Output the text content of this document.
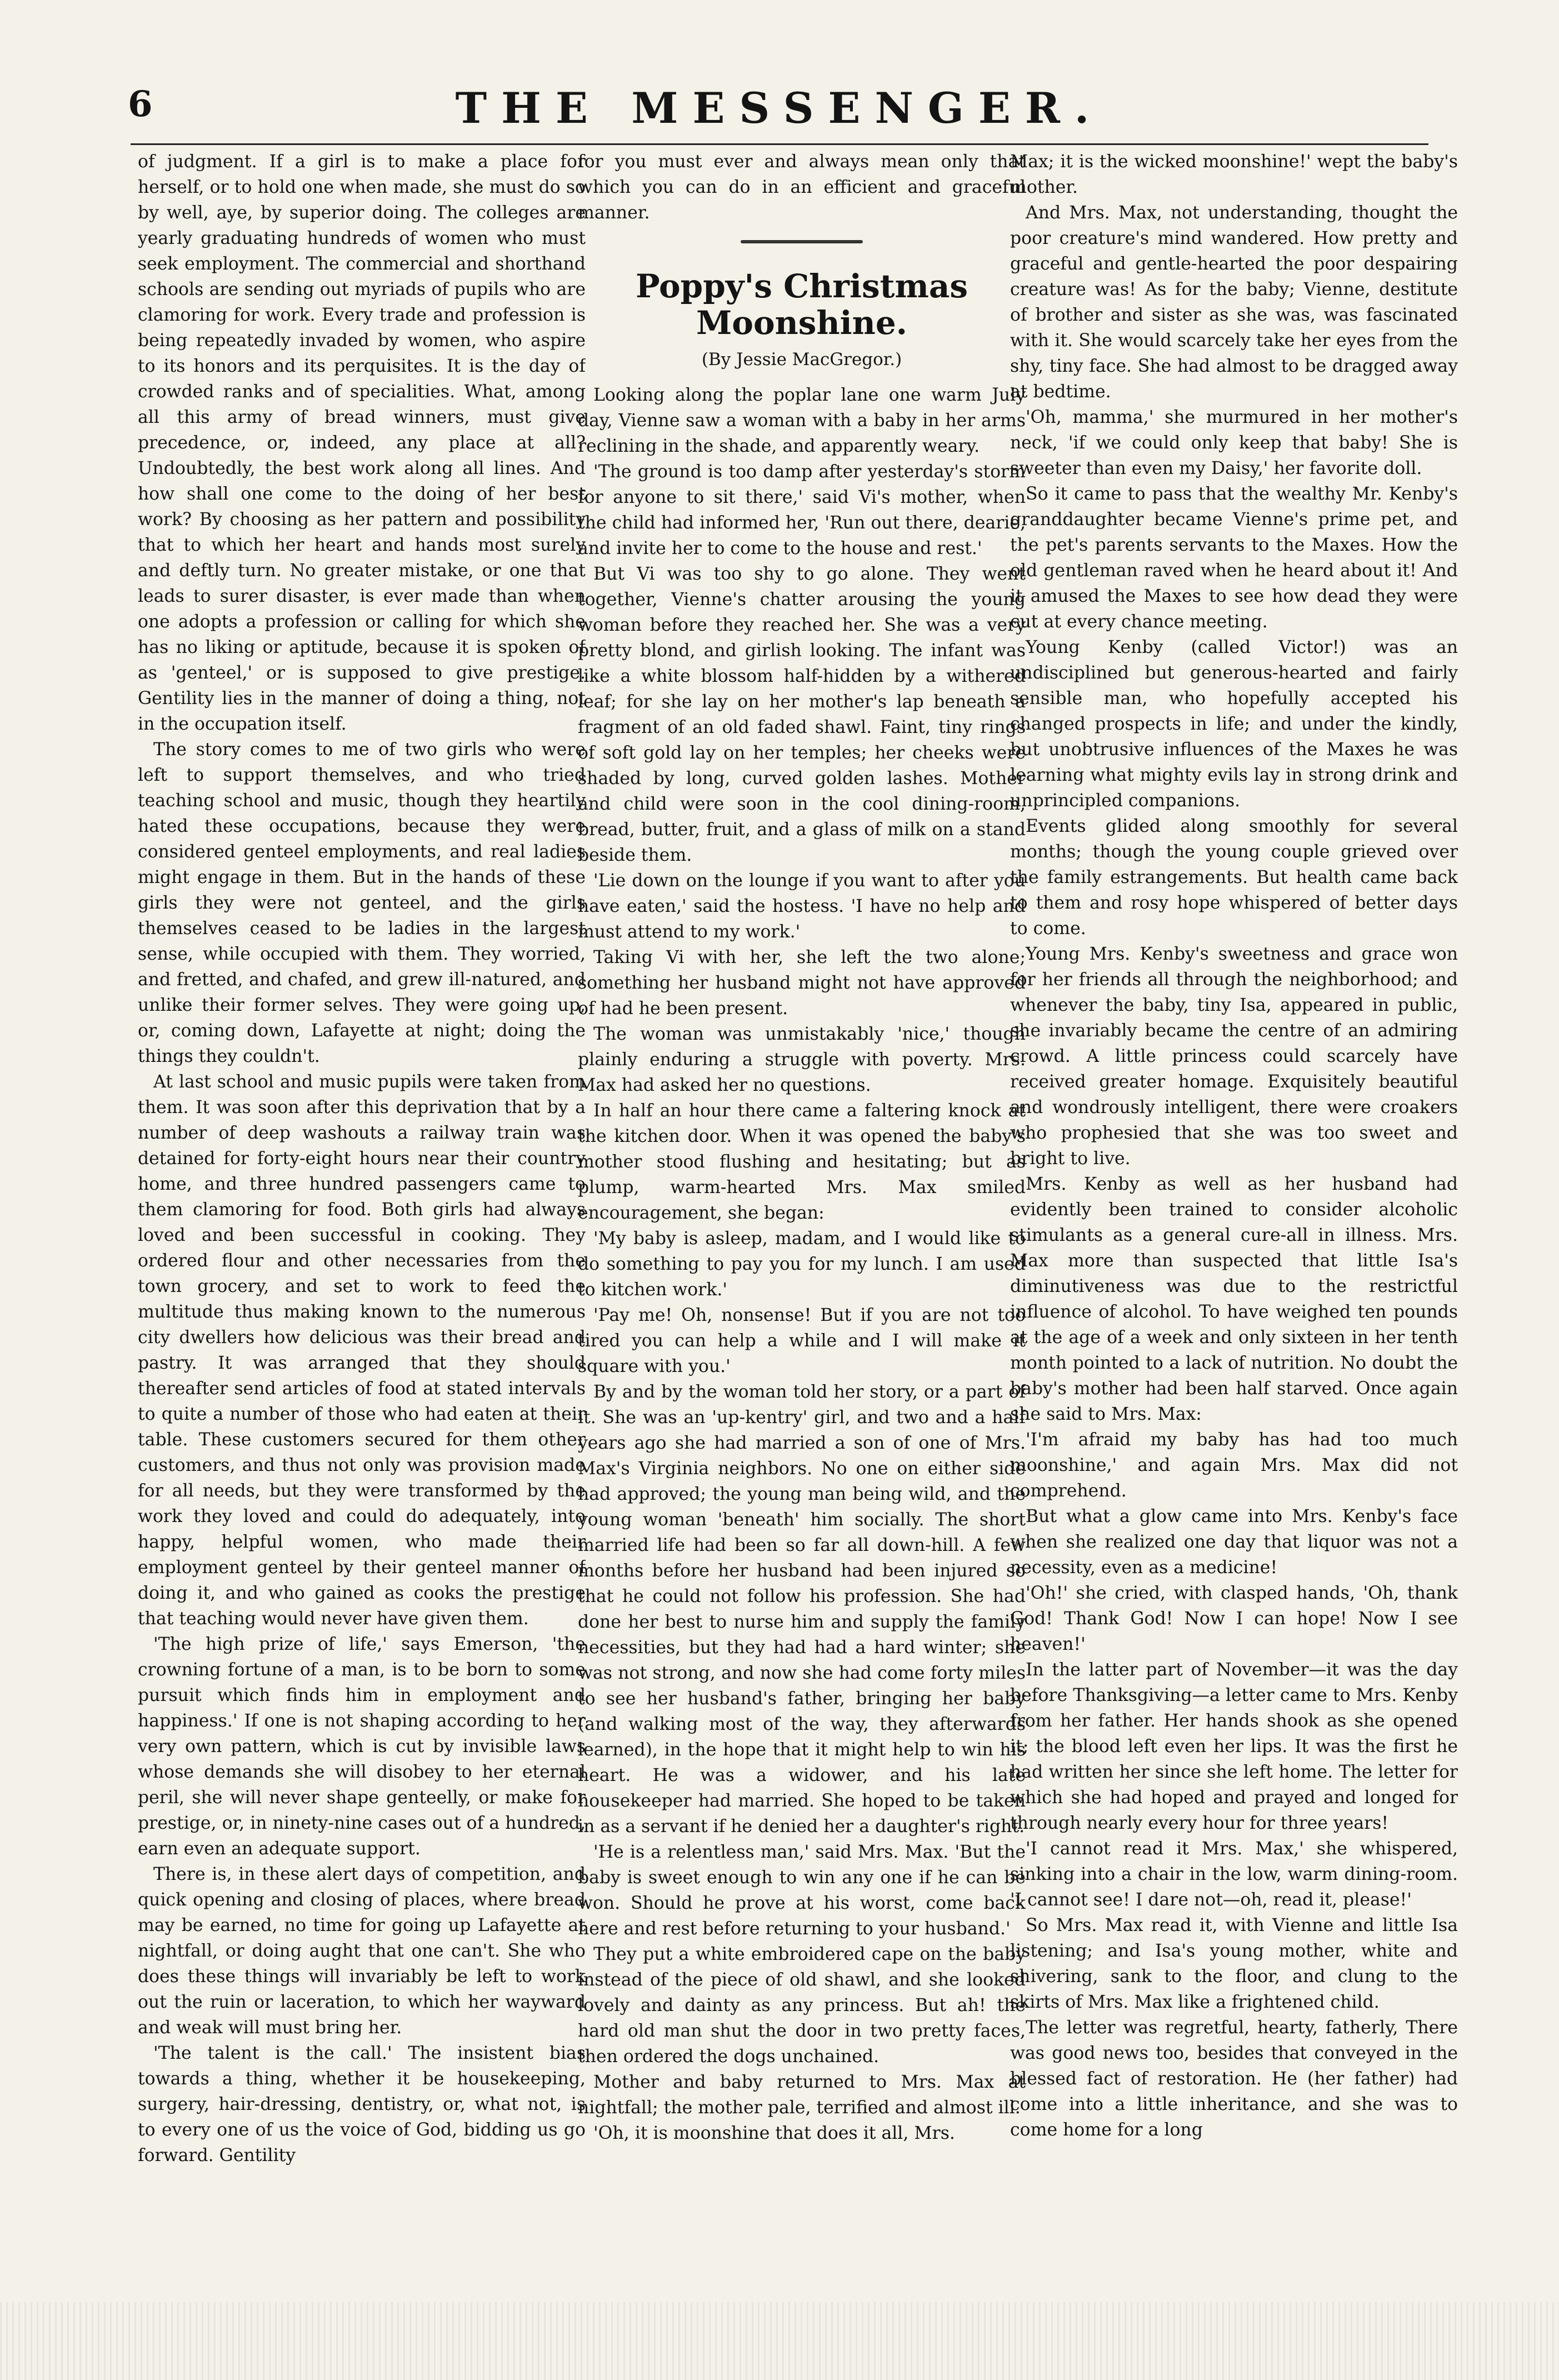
6	THE MESSENGER.

of judgment. If a girl is to make a place for herself, or to hold one when made, she must do so by well, aye, by superior doing. The colleges are yearly graduating hundreds of women who must seek employment. The commercial and shorthand schools are sending out myriads of pupils who are clamoring for work. Every trade and profession is being repeatedly invaded by women, who aspire to its honors and its perquisites. It is the day of crowded ranks and of specialities. What, among all this army of bread winners, must give precedence, or, indeed, any place at all? Undoubtedly, the best work along all lines. And how shall one come to the doing of her best work? By choosing as her pattern and possibility that to which her heart and hands most surely and deftly turn. No greater mistake, or one that leads to surer disaster, is ever made than when one adopts a profession or calling for which she has no liking or aptitude, because it is spoken of as 'genteel,' or is supposed to give prestige. Gentility lies in the manner of doing a thing, not in the occupation itself.

The story comes to me of two girls who were left to support themselves, and who tried teaching school and music, though they heartily hated these occupations, because they were considered genteel employments, and real ladies might engage in them. But in the hands of these girls they were not genteel, and the girls themselves ceased to be ladies in the largest sense, while occupied with them. They worried, and fretted, and chafed, and grew ill-natured, and unlike their former selves. They were going up, or, coming down, Lafayette at night; doing the things they couldn't.

At last school and music pupils were taken from them. It was soon after this deprivation that by a number of deep washouts a railway train was detained for forty-eight hours near their country home, and three hundred passengers came to them clamoring for food. Both girls had always loved and been successful in cooking. They ordered flour and other necessaries from the town grocery, and set to work to feed the multitude thus making known to the numerous city dwellers how delicious was their bread and pastry. It was arranged that they should thereafter send articles of food at stated intervals to quite a number of those who had eaten at their table. These customers secured for them other customers, and thus not only was provision made for all needs, but they were transformed by the work they loved and could do adequately, into happy, helpful women, who made their employment genteel by their genteel manner of doing it, and who gained as cooks the prestige that teaching would never have given them.

'The high prize of life,' says Emerson, 'the crowning fortune of a man, is to be born to some pursuit which finds him in employment and happiness.' If one is not shaping according to her very own pattern, which is cut by invisible laws whose demands she will disobey to her eternal peril, she will never shape genteelly, or make for prestige, or, in ninety-nine cases out of a hundred, earn even an adequate support.

There is, in these alert days of competition, and quick opening and closing of places, where bread may be earned, no time for going up Lafayette at nightfall, or doing aught that one can't. She who does these things will invariably be left to work out the ruin or laceration, to which her wayward and weak will must bring her.

'The talent is the call.' The insistent bias towards a thing, whether it be housekeeping, surgery, hair-dressing, dentistry, or, what not, is to every one of us the voice of God, bidding us go forward. Gentility

for you must ever and always mean only that which you can do in an efficient and graceful manner.

Poppy's Christmas Moonshine.
(By Jessie MacGregor.)

Looking along the poplar lane one warm July day, Vienne saw a woman with a baby in her arms reclining in the shade, and apparently weary.

'The ground is too damp after yesterday's storm for anyone to sit there,' said Vi's mother, when the child had informed her, 'Run out there, dearie, and invite her to come to the house and rest.'

But Vi was too shy to go alone. They went together, Vienne's chatter arousing the young woman before they reached her. She was a very pretty blond, and girlish looking. The infant was like a white blossom half-hidden by a withered leaf; for she lay on her mother's lap beneath a fragment of an old faded shawl. Faint, tiny rings of soft gold lay on her temples; her cheeks were shaded by long, curved golden lashes. Mother and child were soon in the cool dining-room, bread, butter, fruit, and a glass of milk on a stand beside them.

'Lie down on the lounge if you want to after you have eaten,' said the hostess. 'I have no help and must attend to my work.'

Taking Vi with her, she left the two alone; something her husband might not have approved of had he been present.

The woman was unmistakably 'nice,' though plainly enduring a struggle with poverty. Mrs. Max had asked her no questions.

In half an hour there came a faltering knock at the kitchen door. When it was opened the baby's mother stood flushing and hesitating; but as plump, warm-hearted Mrs. Max smiled encouragement, she began:

'My baby is asleep, madam, and I would like to do something to pay you for my lunch. I am used to kitchen work.'

'Pay me! Oh, nonsense! But if you are not too tired you can help a while and I will make it square with you.'

By and by the woman told her story, or a part of it. She was an 'up-kentry' girl, and two and a half years ago she had married a son of one of Mrs. Max's Virginia neighbors. No one on either side had approved; the young man being wild, and the young woman 'beneath' him socially. The short married life had been so far all down-hill. A few months before her husband had been injured so that he could not follow his profession. She had done her best to nurse him and supply the family necessities, but they had had a hard winter; she was not strong, and now she had come forty miles to see her husband's father, bringing her baby (and walking most of the way, they afterwards learned), in the hope that it might help to win his heart. He was a widower, and his late housekeeper had married. She hoped to be taken in as a servant if he denied her a daughter's right.

'He is a relentless man,' said Mrs. Max. 'But the baby is sweet enough to win any one if he can be won. Should he prove at his worst, come back here and rest before returning to your husband.'

They put a white embroidered cape on the baby instead of the piece of old shawl, and she looked lovely and dainty as any princess. But ah! the hard old man shut the door in two pretty faces, then ordered the dogs unchained.

Mother and baby returned to Mrs. Max at nightfall; the mother pale, terrified and almost ill.

'Oh, it is moonshine that does it all, Mrs.

Max; it is the wicked moonshine!' wept the baby's mother.

And Mrs. Max, not understanding, thought the poor creature's mind wandered. How pretty and graceful and gentle-hearted the poor despairing creature was! As for the baby; Vienne, destitute of brother and sister as she was, was fascinated with it. She would scarcely take her eyes from the shy, tiny face. She had almost to be dragged away at bedtime.

'Oh, mamma,' she murmured in her mother's neck, 'if we could only keep that baby! She is sweeter than even my Daisy,' her favorite doll.

So it came to pass that the wealthy Mr. Kenby's granddaughter became Vienne's prime pet, and the pet's parents servants to the Maxes. How the old gentleman raved when he heard about it! And it amused the Maxes to see how dead they were cut at every chance meeting.

Young Kenby (called Victor!) was an undisciplined but generous-hearted and fairly sensible man, who hopefully accepted his changed prospects in life; and under the kindly, but unobtrusive influences of the Maxes he was learning what mighty evils lay in strong drink and unprincipled companions.

Events glided along smoothly for several months; though the young couple grieved over the family estrangements. But health came back to them and rosy hope whispered of better days to come.

Young Mrs. Kenby's sweetness and grace won for her friends all through the neighborhood; and whenever the baby, tiny Isa, appeared in public, she invariably became the centre of an admiring crowd. A little princess could scarcely have received greater homage. Exquisitely beautiful and wondrously intelligent, there were croakers who prophesied that she was too sweet and bright to live.

Mrs. Kenby as well as her husband had evidently been trained to consider alcoholic stimulants as a general cure-all in illness. Mrs. Max more than suspected that little Isa's diminutiveness was due to the restrictful influence of alcohol. To have weighed ten pounds at the age of a week and only sixteen in her tenth month pointed to a lack of nutrition. No doubt the baby's mother had been half starved. Once again she said to Mrs. Max:

'I'm afraid my baby has had too much moonshine,' and again Mrs. Max did not comprehend.

But what a glow came into Mrs. Kenby's face when she realized one day that liquor was not a necessity, even as a medicine!

'Oh!' she cried, with clasped hands, 'Oh, thank God! Thank God! Now I can hope! Now I see heaven!'

In the latter part of November—it was the day before Thanksgiving—a letter came to Mrs. Kenby from her father. Her hands shook as she opened it; the blood left even her lips. It was the first he had written her since she left home. The letter for which she had hoped and prayed and longed for through nearly every hour for three years!

'I cannot read it Mrs. Max,' she whispered, sinking into a chair in the low, warm dining-room. 'I cannot see! I dare not—oh, read it, please!'

So Mrs. Max read it, with Vienne and little Isa listening; and Isa's young mother, white and shivering, sank to the floor, and clung to the skirts of Mrs. Max like a frightened child.

The letter was regretful, hearty, fatherly, There was good news too, besides that conveyed in the blessed fact of restoration. He (her father) had come into a little inheritance, and she was to come home for a long
